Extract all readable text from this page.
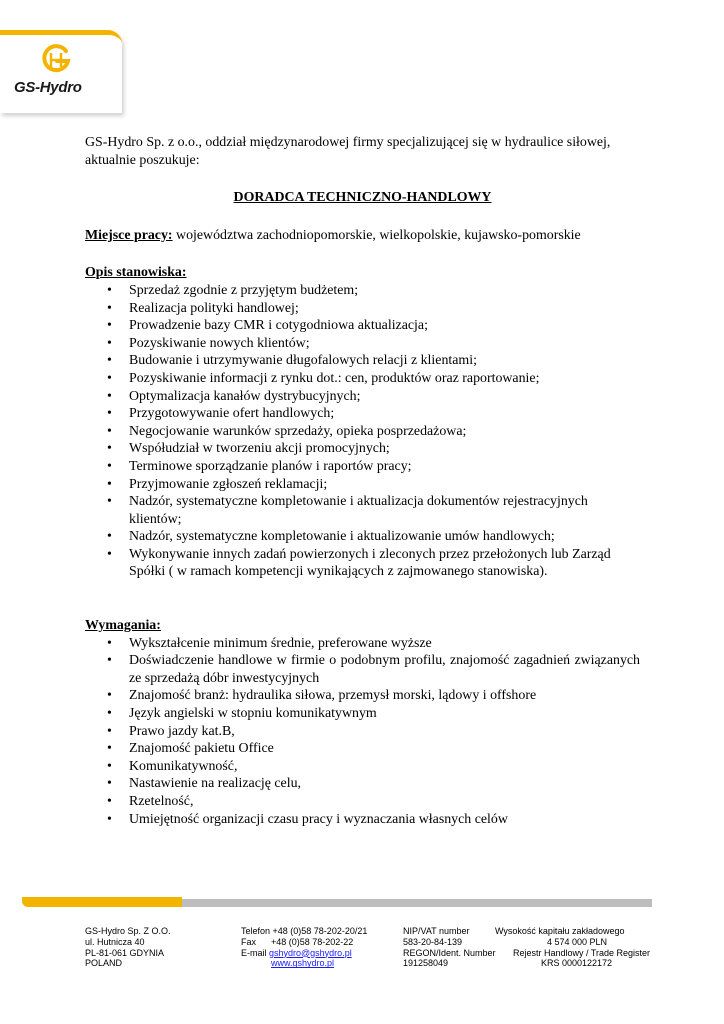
GS-Hydro

GS-Hydro Sp. z o.o., oddział międzynarodowej firmy specjalizującej się w hydraulice siłowej, aktualnie poszukuje:

DORADCA TECHNICZNO-HANDLOWY

Miejsce pracy: województwa zachodniopomorskie, wielkopolskie, kujawsko-pomorskie

Opis stanowiska:

• Sprzedaż zgodnie z przyjętym budżetem;
• Realizacja polityki handlowej;
• Prowadzenie bazy CMR i cotygodniowa aktualizacja;
• Pozyskiwanie nowych klientów;
• Budowanie i utrzymywanie długofalowych relacji z klientami;
• Pozyskiwanie informacji z rynku dot.: cen, produktów oraz raportowanie;
• Optymalizacja kanałów dystrybucyjnych;
• Przygotowywanie ofert handlowych;
• Negocjowanie warunków sprzedaży, opieka posprzedażowa;
• Współudział w tworzeniu akcji promocyjnych;
• Terminowe sporządzanie planów i raportów pracy;
• Przyjmowanie zgłoszeń reklamacji;
• Nadzór, systematyczne kompletowanie i aktualizacja dokumentów rejestracyjnych klientów;
• Nadzór, systematyczne kompletowanie i aktualizowanie umów handlowych;
• Wykonywanie innych zadań powierzonych i zleconych przez przełożonych lub Zarząd Spółki ( w ramach kompetencji wynikających z zajmowanego stanowiska).

Wymagania:

• Wykształcenie minimum średnie, preferowane wyższe
• Doświadczenie handlowe w firmie o podobnym profilu, znajomość zagadnień związanych ze sprzedażą dóbr inwestycyjnych
• Znajomość branż: hydraulika siłowa, przemysł morski, lądowy i offshore
• Język angielski w stopniu komunikatywnym
• Prawo jazdy kat.B,
• Znajomość pakietu Office
• Komunikatywność,
• Nastawienie na realizację celu,
• Rzetelność,
• Umiejętność organizacji czasu pracy i wyznaczania własnych celów
GS-Hydro Sp. Z O.O.
ul. Hutnicza 40
PL-81-061 GDYNIA
POLAND
Telefon +48 (0)58 78-202-20/21
Fax      +48 (0)58 78-202-22
E-mail gshydro@gshydro.pl
www.gshydro.pl
NIP/VAT number
583-20-84-139
REGON/Ident. Number
191258049
Wysokość kapitału zakładowego
4 574 000 PLN
Rejestr Handlowy / Trade Register
KRS 0000122172
